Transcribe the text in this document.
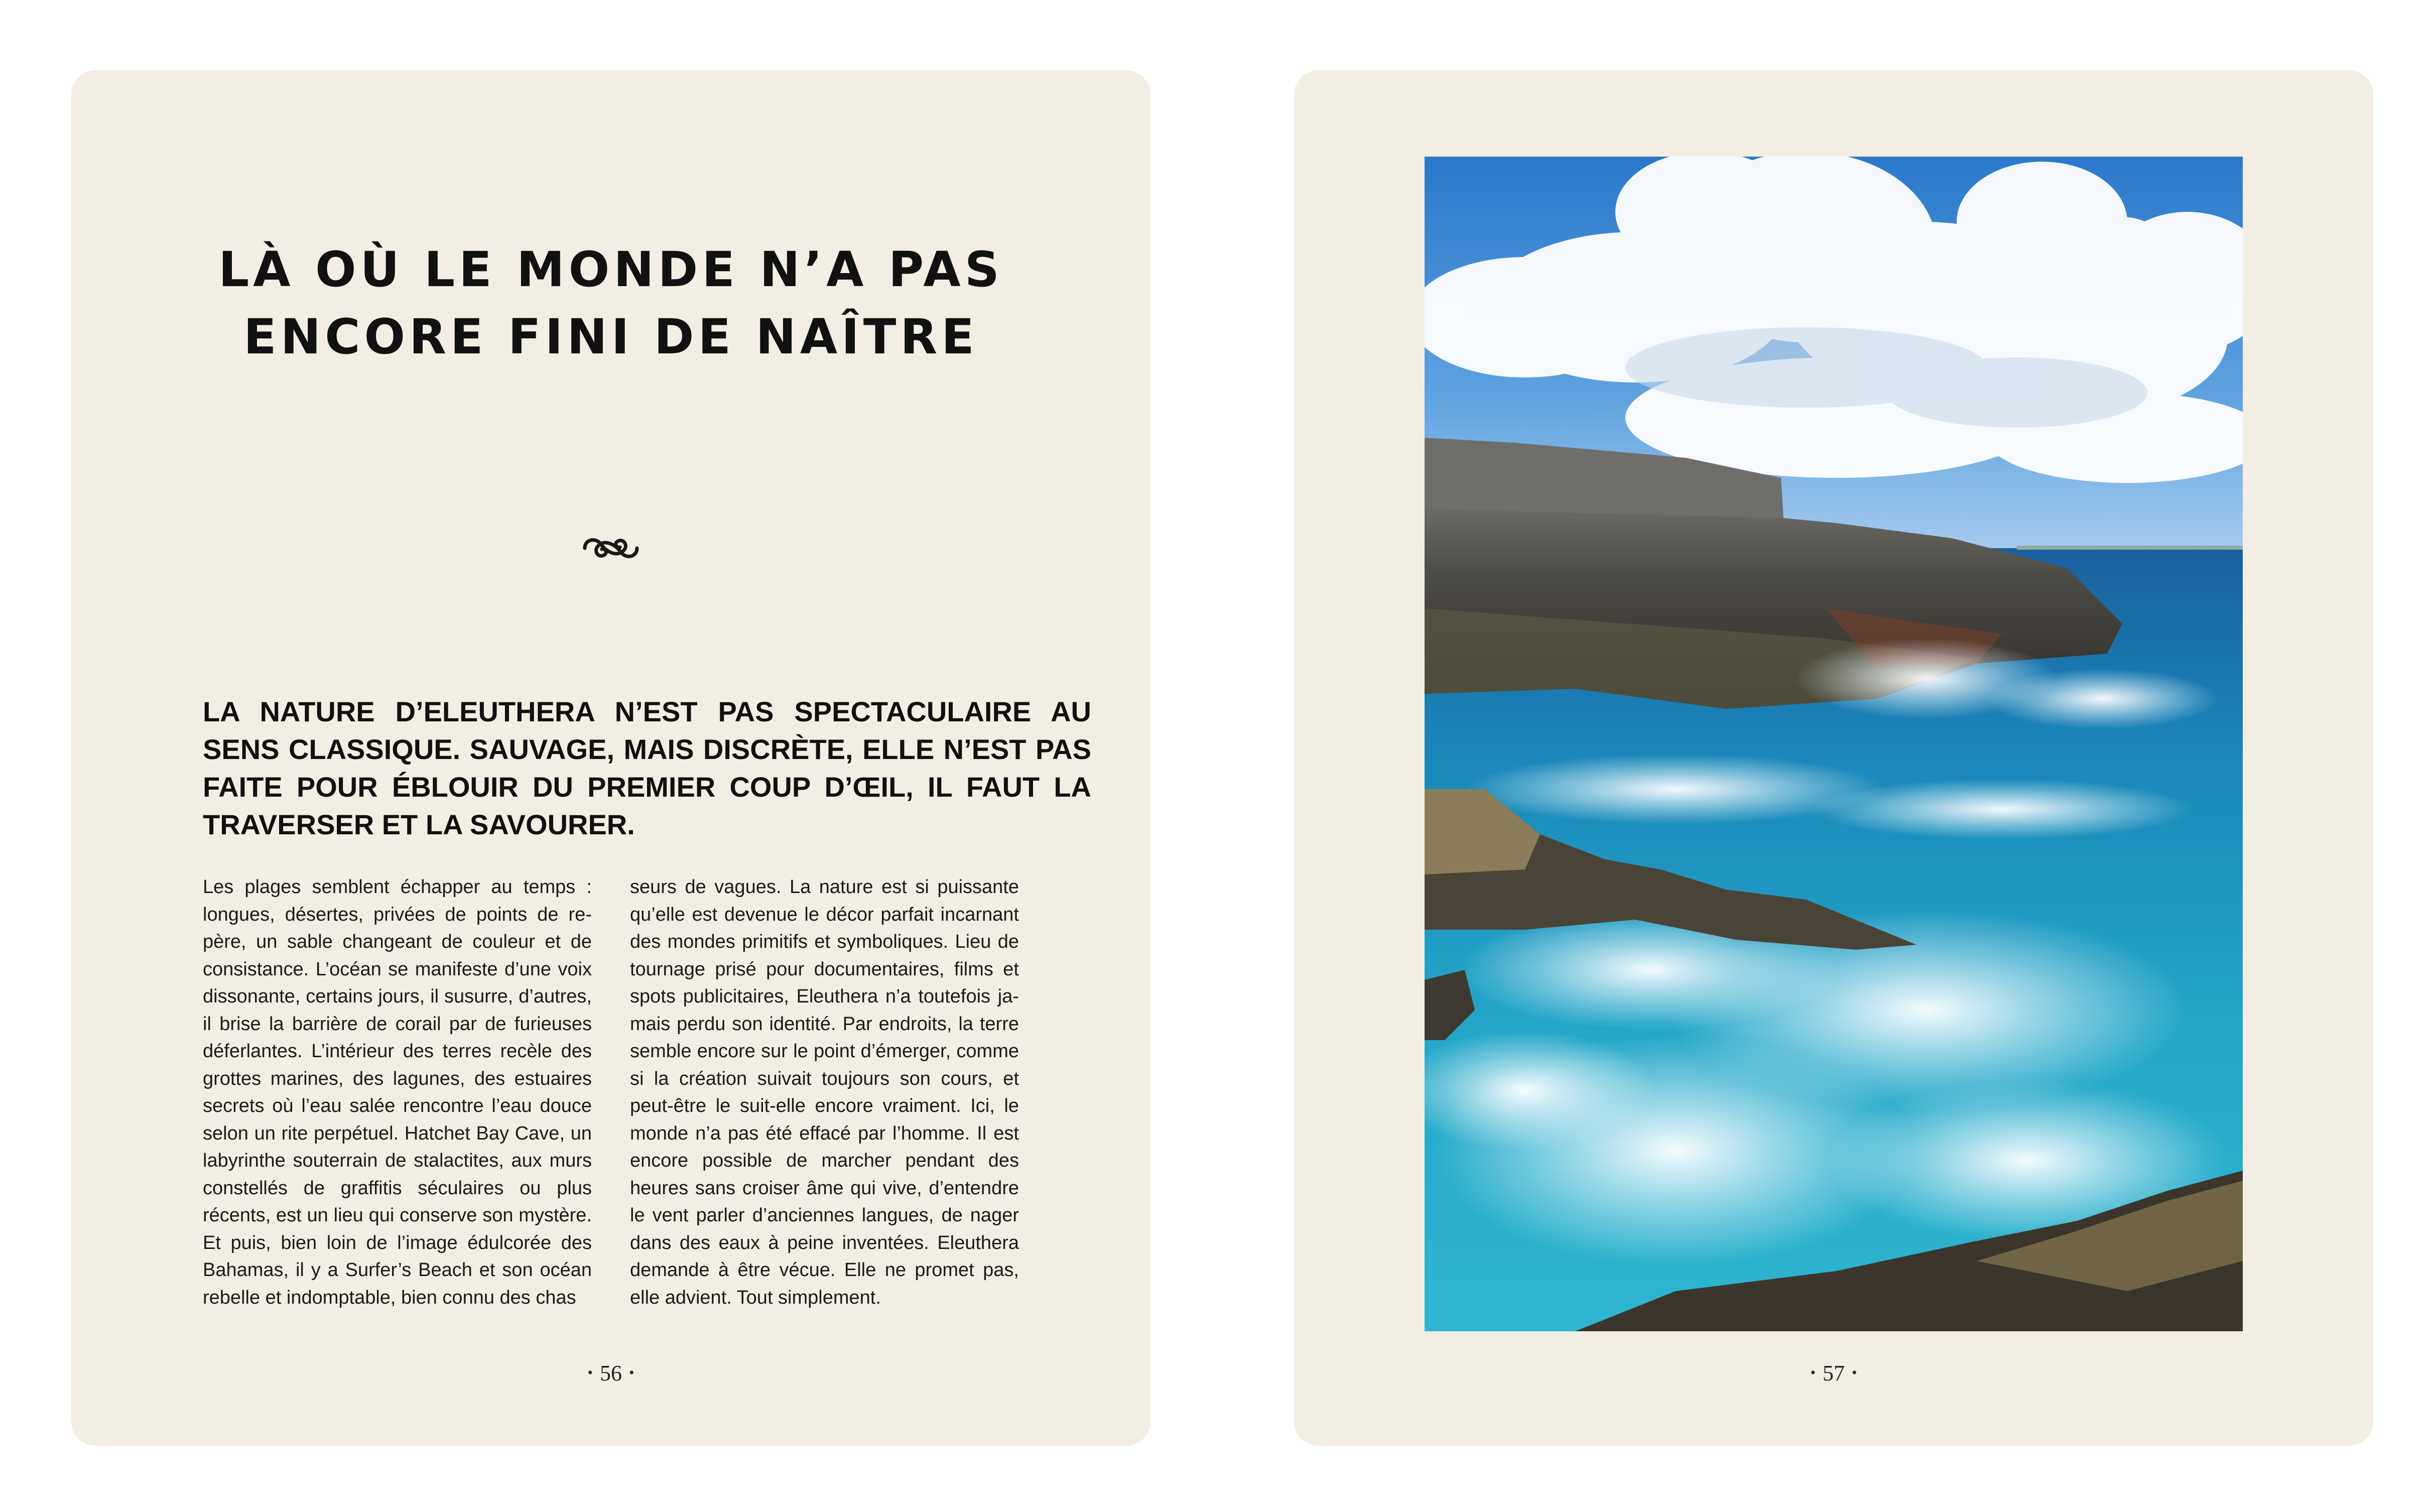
LÀ OÙ LE MONDE N’A PAS
ENCORE FINI DE NAÎTRE

LA NATURE D’ELEUTHERA N’EST PAS SPECTACULAIRE AU SENS CLASSIQUE. SAUVAGE, MAIS DISCRÈTE, ELLE N’EST PAS FAITE POUR ÉBLOUIR DU PREMIER COUP D’ŒIL, IL FAUT LA TRAVERSER ET LA SAVOURER.

Les plages semblent échapper au temps : longues, désertes, privées de points de repère, un sable changeant de couleur et de consistance. L’océan se manifeste d’une voix dissonante, certains jours, il susurre, d’autres, il brise la barrière de corail par de furieuses déferlantes. L’intérieur des terres recèle des grottes marines, des lagunes, des estuaires secrets où l’eau salée rencontre l’eau douce selon un rite perpétuel. Hatchet Bay Cave, un labyrinthe souterrain de stalactites, aux murs constellés de graffitis séculaires ou plus récents, est un lieu qui conserve son mystère. Et puis, bien loin de l’image édulcorée des Bahamas, il y a Surfer’s Beach et son océan rebelle et indomptable, bien connu des chas

seurs de vagues. La nature est si puissante qu’elle est devenue le décor parfait incarnant des mondes primitifs et symboliques. Lieu de tournage prisé pour documentaires, films et spots publicitaires, Eleuthera n’a toutefois jamais perdu son identité. Par endroits, la terre semble encore sur le point d’émerger, comme si la création suivait toujours son cours, et peut-être le suit-elle encore vraiment. Ici, le monde n’a pas été effacé par l’homme. Il est encore possible de marcher pendant des heures sans croiser âme qui vive, d’entendre le vent parler d’anciennes langues, de nager dans des eaux à peine inventées. Eleuthera demande à être vécue. Elle ne promet pas, elle advient. Tout simplement.

• 56 •	• 57 •
